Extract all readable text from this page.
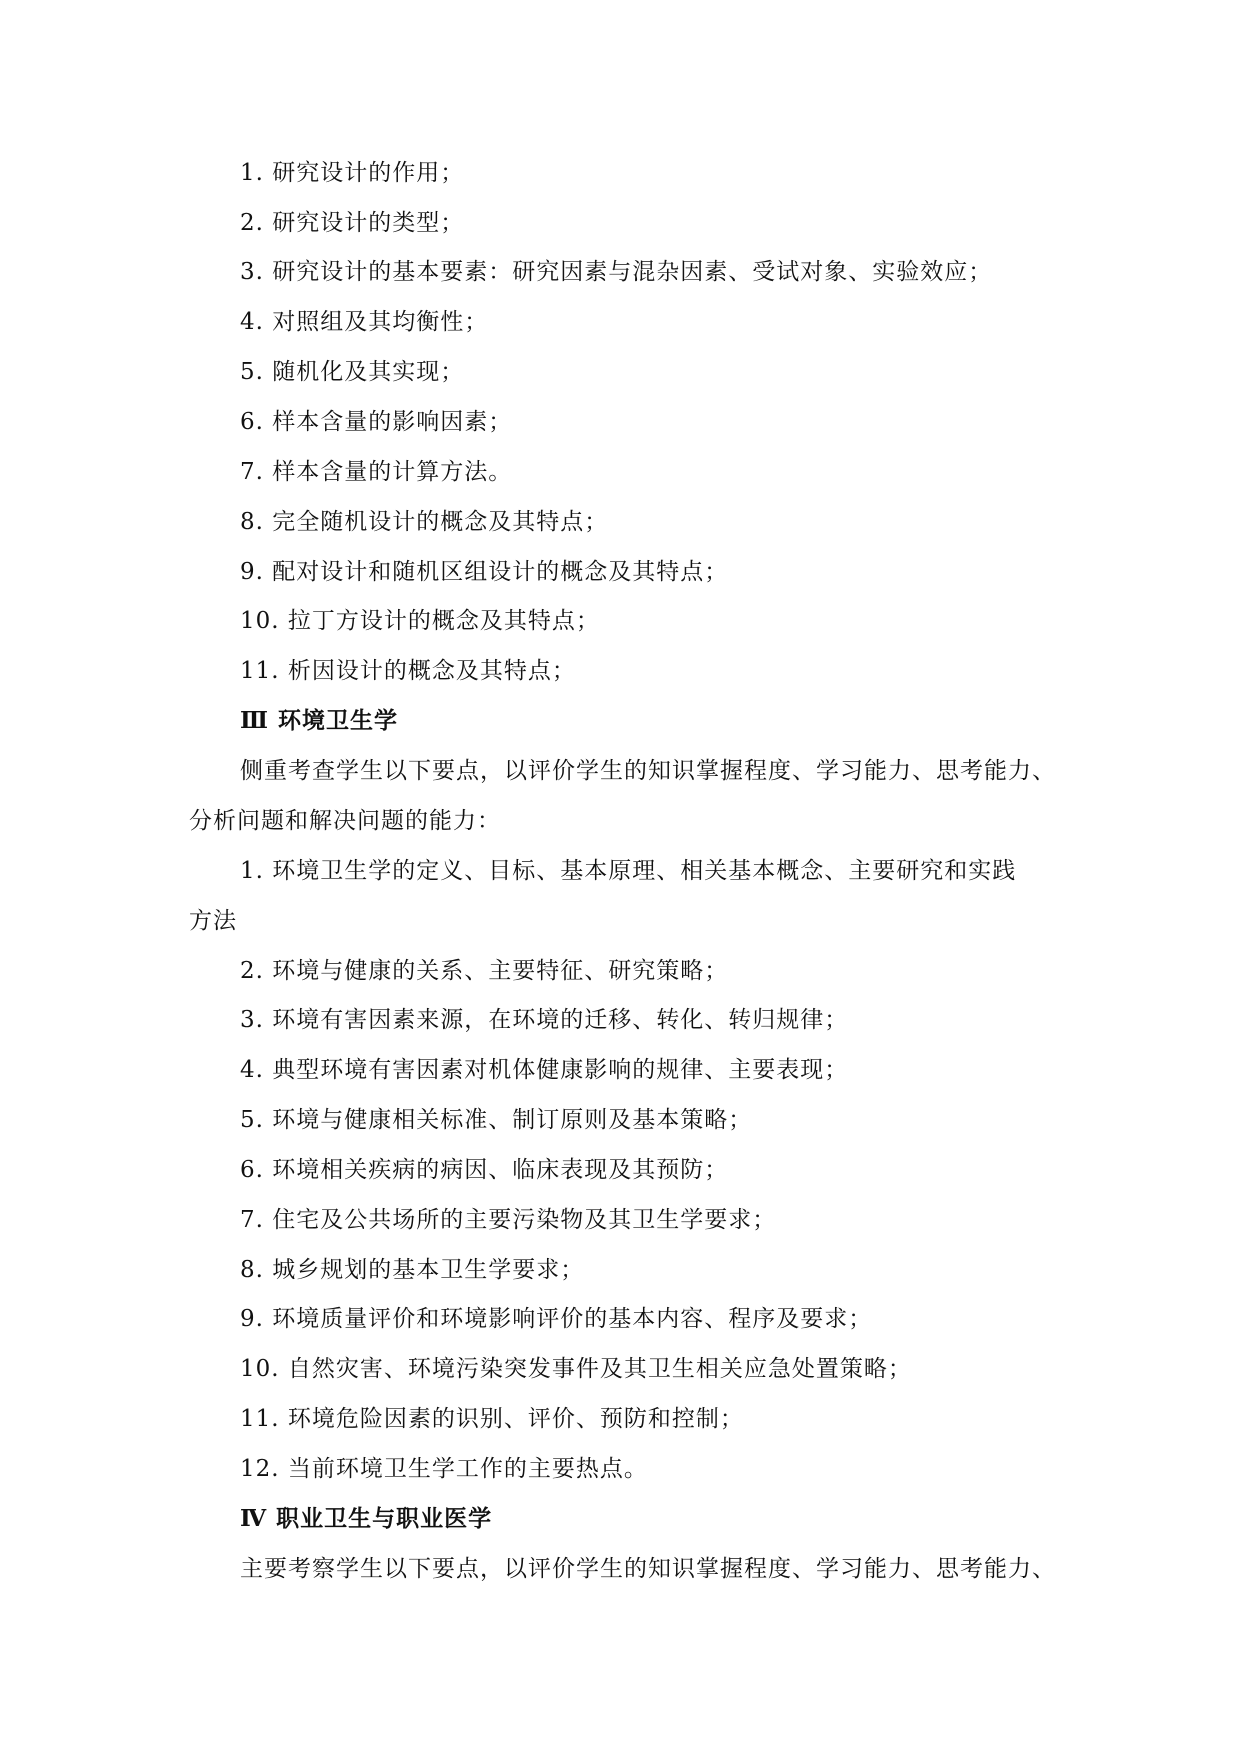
1. 研究设计的作用；
2. 研究设计的类型；
3. 研究设计的基本要素：研究因素与混杂因素、受试对象、实验效应；
4. 对照组及其均衡性；
5. 随机化及其实现；
6. 样本含量的影响因素；
7. 样本含量的计算方法。
8. 完全随机设计的概念及其特点；
9. 配对设计和随机区组设计的概念及其特点；
10. 拉丁方设计的概念及其特点；
11. 析因设计的概念及其特点；
Ⅲ 环境卫生学
侧重考查学生以下要点，以评价学生的知识掌握程度、学习能力、思考能力、
分析问题和解决问题的能力：
1. 环境卫生学的定义、目标、基本原理、相关基本概念、主要研究和实践
方法
2. 环境与健康的关系、主要特征、研究策略；
3. 环境有害因素来源，在环境的迁移、转化、转归规律；
4. 典型环境有害因素对机体健康影响的规律、主要表现；
5. 环境与健康相关标准、制订原则及基本策略；
6. 环境相关疾病的病因、临床表现及其预防；
7. 住宅及公共场所的主要污染物及其卫生学要求；
8. 城乡规划的基本卫生学要求；
9. 环境质量评价和环境影响评价的基本内容、程序及要求；
10. 自然灾害、环境污染突发事件及其卫生相关应急处置策略；
11. 环境危险因素的识别、评价、预防和控制；
12. 当前环境卫生学工作的主要热点。
Ⅳ 职业卫生与职业医学
主要考察学生以下要点，以评价学生的知识掌握程度、学习能力、思考能力、
